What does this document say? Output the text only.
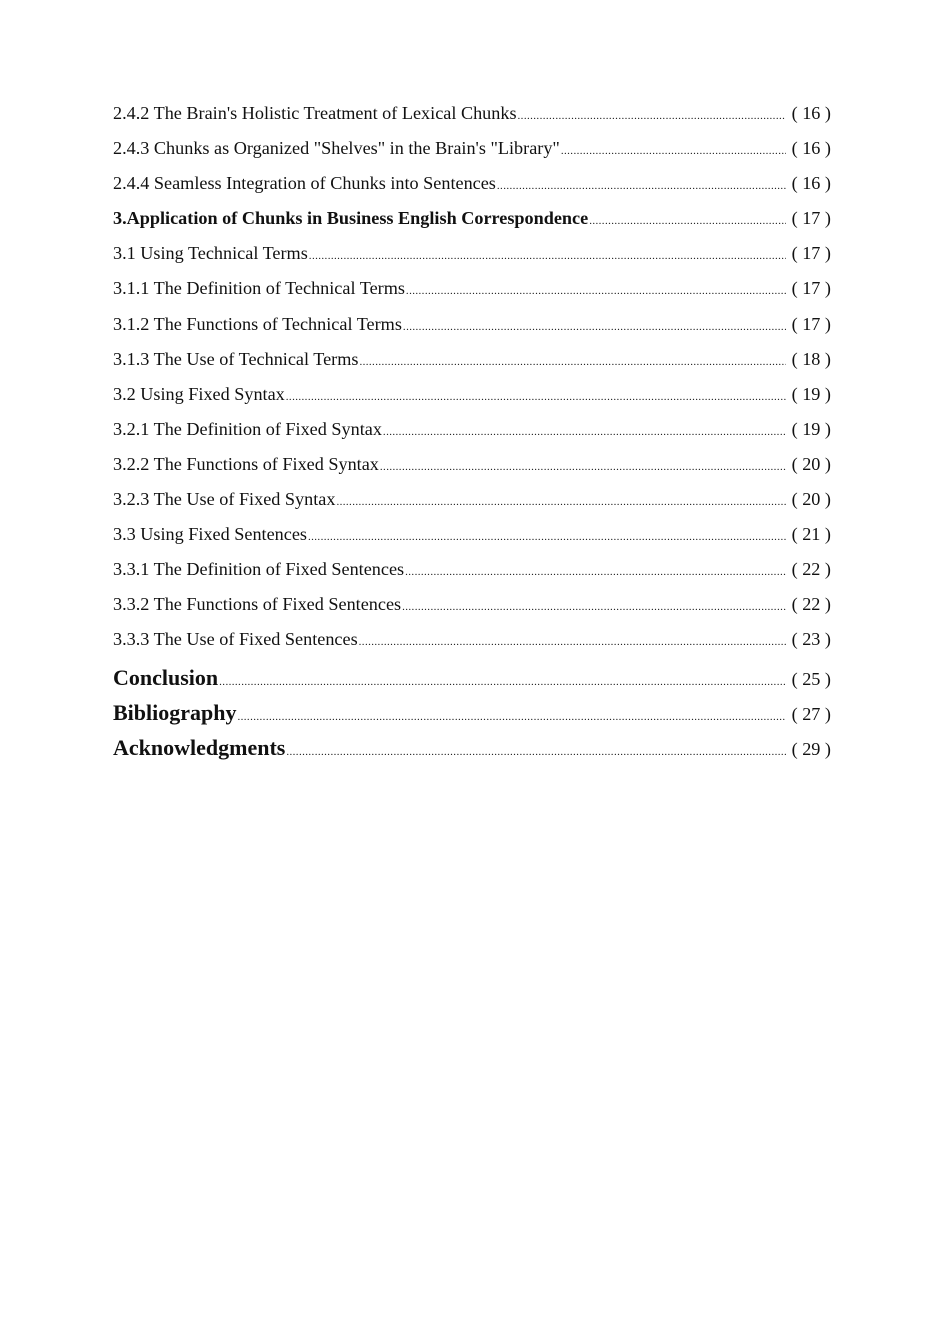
2.4.2 The Brain's Holistic Treatment of Lexical Chunks .....	( 16 )
2.4.3 Chunks as Organized "Shelves" in the Brain's "Library" .....	( 16 )
2.4.4 Seamless Integration of Chunks into Sentences .....	( 16 )
3.Application of Chunks in Business English Correspondence .....	( 17 )
3.1 Using Technical Terms .....	( 17 )
3.1.1 The Definition of Technical Terms .....	( 17 )
3.1.2 The Functions of Technical Terms .....	( 17 )
3.1.3 The Use of Technical Terms .....	( 18 )
3.2 Using Fixed Syntax .....	( 19 )
3.2.1 The Definition of Fixed Syntax .....	( 19 )
3.2.2 The Functions of Fixed Syntax .....	( 20 )
3.2.3 The Use of Fixed Syntax .....	( 20 )
3.3 Using Fixed Sentences .....	( 21 )
3.3.1 The Definition of Fixed Sentences .....	( 22 )
3.3.2 The Functions of Fixed Sentences .....	( 22 )
3.3.3 The Use of Fixed Sentences .....	( 23 )
Conclusion .....	( 25 )
Bibliography .....	( 27 )
Acknowledgments .....	( 29 )
